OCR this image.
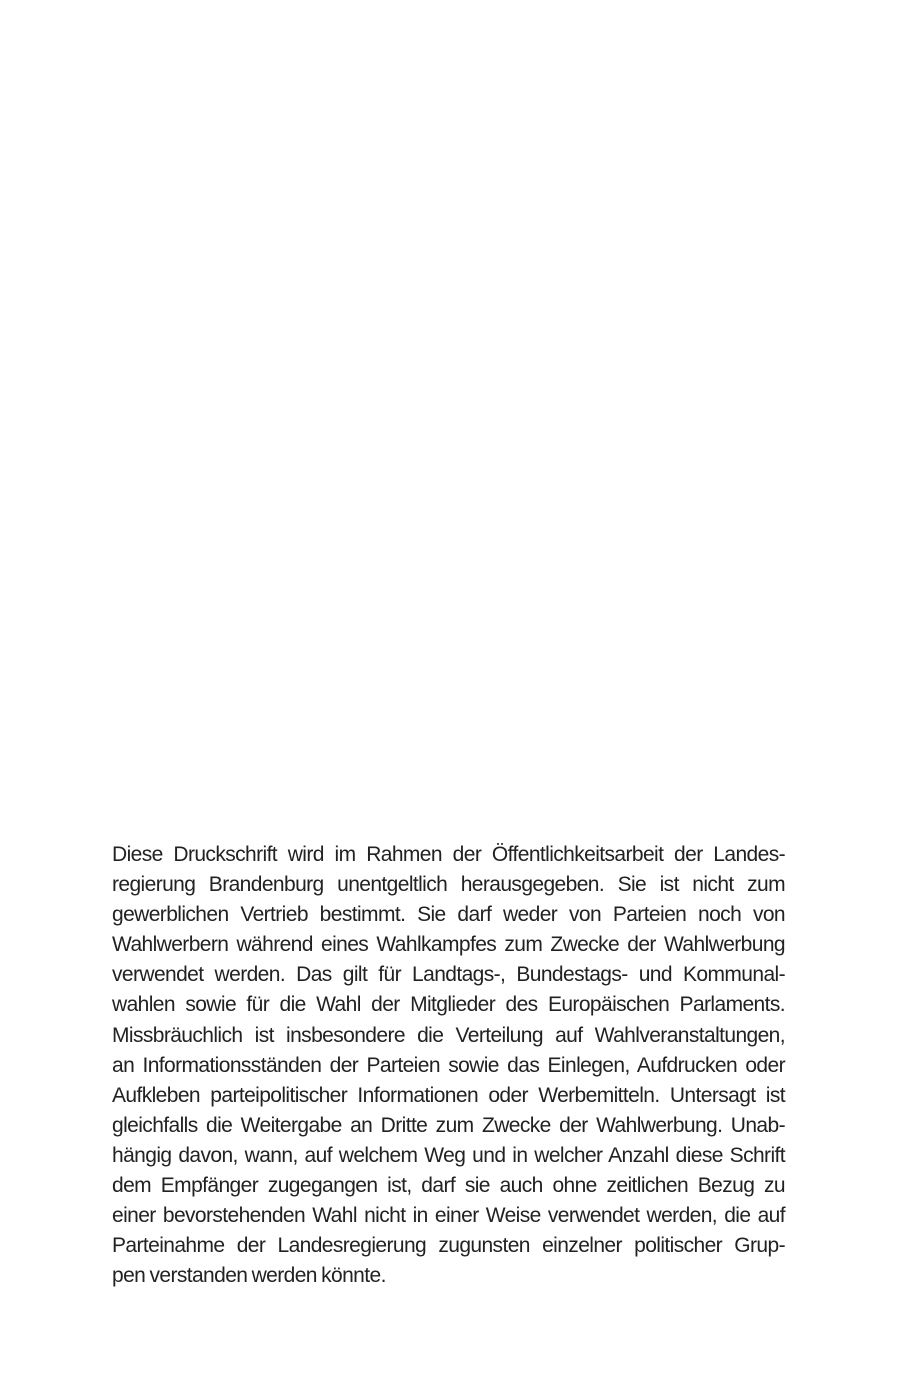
Diese Druckschrift wird im Rahmen der Öffentlichkeitsarbeit der Landes-
regierung Brandenburg unentgeltlich herausgegeben. Sie ist nicht zum
gewerblichen Vertrieb bestimmt. Sie darf weder von Parteien noch von
Wahlwerbern während eines Wahlkampfes zum Zwecke der Wahlwerbung
verwendet werden. Das gilt für Landtags-, Bundestags- und Kommunal-
wahlen sowie für die Wahl der Mitglieder des Europäischen Parlaments.
Missbräuchlich ist insbesondere die Verteilung auf Wahlveranstaltungen,
an Informationsständen der Parteien sowie das Einlegen, Aufdrucken oder
Aufkleben parteipolitischer Informationen oder Werbemitteln. Untersagt ist
gleichfalls die Weitergabe an Dritte zum Zwecke der Wahlwerbung. Unab-
hängig davon, wann, auf welchem Weg und in welcher Anzahl diese Schrift
dem Empfänger zugegangen ist, darf sie auch ohne zeitlichen Bezug zu
einer bevorstehenden Wahl nicht in einer Weise verwendet werden, die auf
Parteinahme der Landesregierung zugunsten einzelner politischer Grup-
pen verstanden werden könnte.
